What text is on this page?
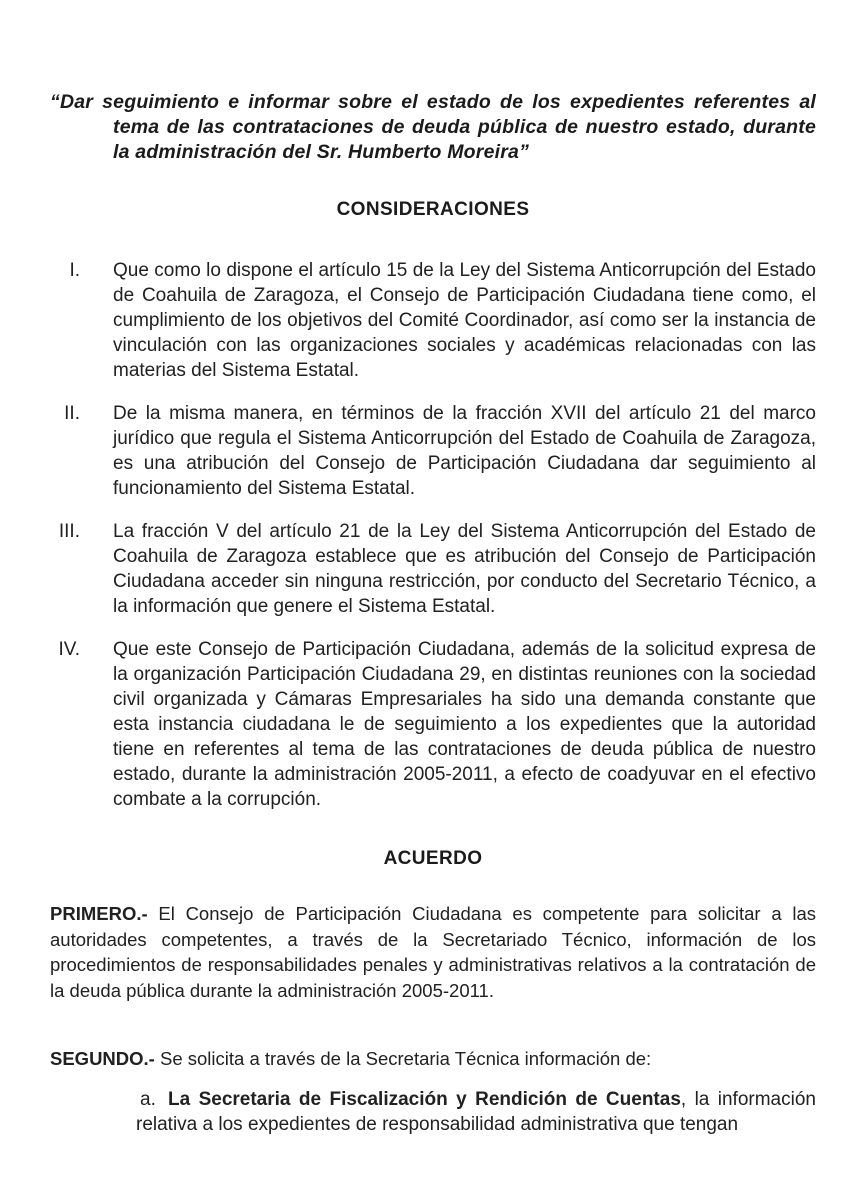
“Dar seguimiento e informar sobre el estado de los expedientes referentes al tema de las contrataciones de deuda pública de nuestro estado, durante la administración del Sr. Humberto Moreira”

CONSIDERACIONES
I. Que como lo dispone el artículo 15 de la Ley del Sistema Anticorrupción del Estado de Coahuila de Zaragoza, el Consejo de Participación Ciudadana tiene como, el cumplimiento de los objetivos del Comité Coordinador, así como ser la instancia de vinculación con las organizaciones sociales y académicas relacionadas con las materias del Sistema Estatal.
II. De la misma manera, en términos de la fracción XVII del artículo 21 del marco jurídico que regula el Sistema Anticorrupción del Estado de Coahuila de Zaragoza, es una atribución del Consejo de Participación Ciudadana dar seguimiento al funcionamiento del Sistema Estatal.
III. La fracción V del artículo 21 de la Ley del Sistema Anticorrupción del Estado de Coahuila de Zaragoza establece que es atribución del Consejo de Participación Ciudadana acceder sin ninguna restricción, por conducto del Secretario Técnico, a la información que genere el Sistema Estatal.
IV. Que este Consejo de Participación Ciudadana, además de la solicitud expresa de la organización Participación Ciudadana 29, en distintas reuniones con la sociedad civil organizada y Cámaras Empresariales ha sido una demanda constante que esta instancia ciudadana le de seguimiento a los expedientes que la autoridad tiene en referentes al tema de las contrataciones de deuda pública de nuestro estado, durante la administración 2005-2011, a efecto de coadyuvar en el efectivo combate a la corrupción.
ACUERDO

PRIMERO.- El Consejo de Participación Ciudadana es competente para solicitar a las autoridades competentes, a través de la Secretariado Técnico, información de los procedimientos de responsabilidades penales y administrativas relativos a la contratación de la deuda pública durante la administración 2005-2011.

SEGUNDO.- Se solicita a través de la Secretaria Técnica información de:

a. La Secretaria de Fiscalización y Rendición de Cuentas, la información relativa a los expedientes de responsabilidad administrativa que tengan
